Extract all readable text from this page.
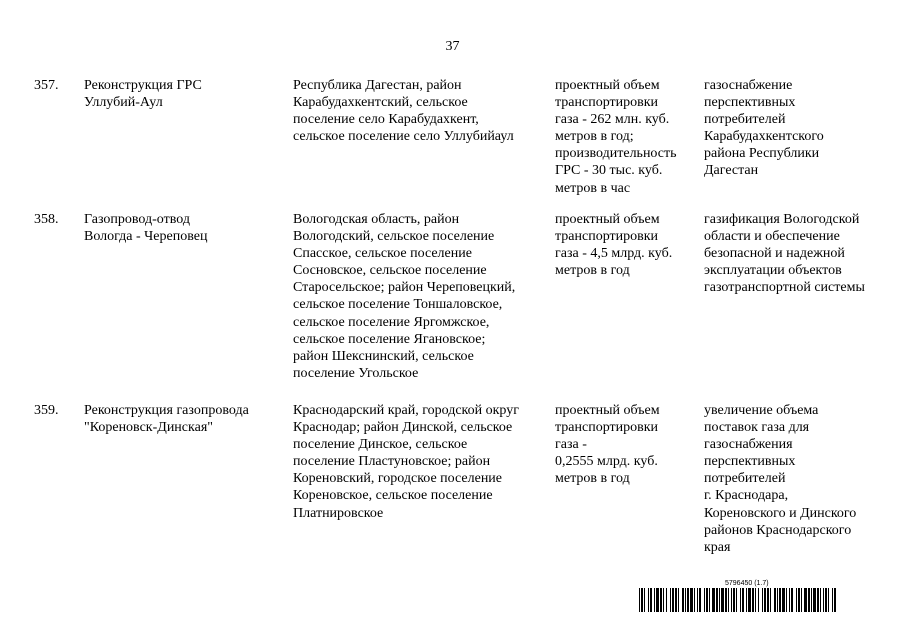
37
357. Реконструкция ГРС
Уллубий-Аул
Республика Дагестан, район
Карабудахкентский, сельское
поселение село Карабудахкент,
сельское поселение село Уллубийаул
проектный объем
транспортировки
газа - 262 млн. куб.
метров в год;
производительность
ГРС - 30 тыс. куб.
метров в час
газоснабжение
перспективных
потребителей
Карабудахкентского
района Республики
Дагестан
358. Газопровод-отвод
Вологда - Череповец
Вологодская область, район
Вологодский, сельское поселение
Спасское, сельское поселение
Сосновское, сельское поселение
Старосельское; район Череповецкий,
сельское поселение Тоншаловское,
сельское поселение Яргомжское,
сельское поселение Ягановское;
район Шекснинский, сельское
поселение Угольское
проектный объем
транспортировки
газа - 4,5 млрд. куб.
метров в год
газификация Вологодской
области и обеспечение
безопасной и надежной
эксплуатации объектов
газотранспортной системы
359. Реконструкция газопровода
"Кореновск-Динская"
Краснодарский край, городской округ
Краснодар; район Динской, сельское
поселение Динское, сельское
поселение Пластуновское; район
Кореновский, городское поселение
Кореновское, сельское поселение
Платнировское
проектный объем
транспортировки
газа -
0,2555 млрд. куб.
метров в год
увеличение объема
поставок газа для
газоснабжения
перспективных
потребителей
г. Краснодара,
Кореновского и Динского
районов Краснодарского
края
5796450 (1.7)
